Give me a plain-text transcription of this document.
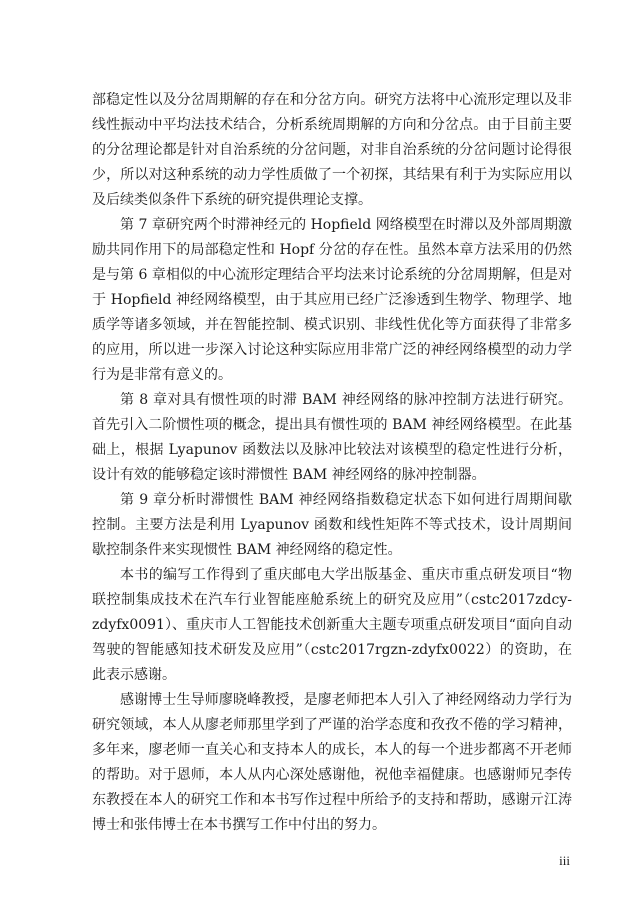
部稳定性以及分岔周期解的存在和分岔方向。研究方法将中心流形定理以及非线性振动中平均法技术结合，分析系统周期解的方向和分岔点。由于目前主要的分岔理论都是针对自治系统的分岔问题，对非自治系统的分岔问题讨论得很少，所以对这种系统的动力学性质做了一个初探，其结果有利于为实际应用以及后续类似条件下系统的研究提供理论支撑。

第 7 章研究两个时滞神经元的 Hopfield 网络模型在时滞以及外部周期激励共同作用下的局部稳定性和 Hopf 分岔的存在性。虽然本章方法采用的仍然是与第 6 章相似的中心流形定理结合平均法来讨论系统的分岔周期解，但是对于 Hopfield 神经网络模型，由于其应用已经广泛渗透到生物学、物理学、地质学等诸多领域，并在智能控制、模式识别、非线性优化等方面获得了非常多的应用，所以进一步深入讨论这种实际应用非常广泛的神经网络模型的动力学行为是非常有意义的。

第 8 章对具有惯性项的时滞 BAM 神经网络的脉冲控制方法进行研究。首先引入二阶惯性项的概念，提出具有惯性项的 BAM 神经网络模型。在此基础上，根据 Lyapunov 函数法以及脉冲比较法对该模型的稳定性进行分析，设计有效的能够稳定该时滞惯性 BAM 神经网络的脉冲控制器。

第 9 章分析时滞惯性 BAM 神经网络指数稳定状态下如何进行周期间歇控制。主要方法是利用 Lyapunov 函数和线性矩阵不等式技术，设计周期间歇控制条件来实现惯性 BAM 神经网络的稳定性。

本书的编写工作得到了重庆邮电大学出版基金、重庆市重点研发项目“物联控制集成技术在汽车行业智能座舱系统上的研究及应用”（cstc2017zdcy-zdyfx0091）、重庆市人工智能技术创新重大主题专项重点研发项目“面向自动驾驶的智能感知技术研发及应用”（cstc2017rgzn-zdyfx0022）的资助，在此表示感谢。

感谢博士生导师廖晓峰教授，是廖老师把本人引入了神经网络动力学行为研究领域，本人从廖老师那里学到了严谨的治学态度和孜孜不倦的学习精神，多年来，廖老师一直关心和支持本人的成长，本人的每一个进步都离不开老师的帮助。对于恩师，本人从内心深处感谢他，祝他幸福健康。也感谢师兄李传东教授在本人的研究工作和本书写作过程中所给予的支持和帮助，感谢亓江涛博士和张伟博士在本书撰写工作中付出的努力。

iii
